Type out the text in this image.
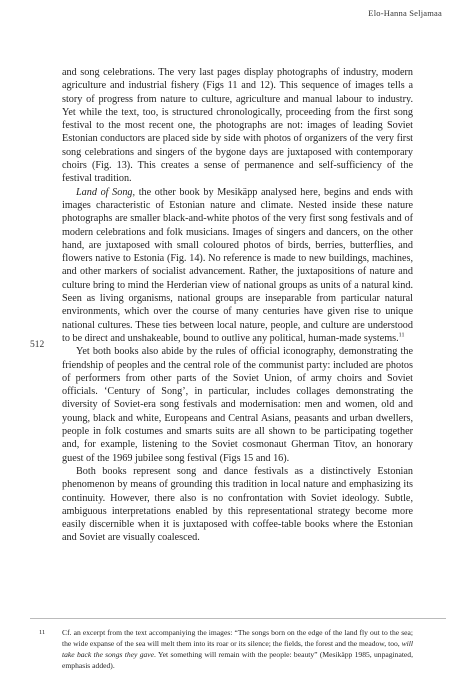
Elo-Hanna Seljamaa
512

and song celebrations. The very last pages display photographs of industry, modern agriculture and industrial fishery (Figs 11 and 12). This sequence of images tells a story of progress from nature to culture, agriculture and manual labour to industry. Yet while the text, too, is structured chronologically, proceeding from the first song festival to the most recent one, the photographs are not: images of leading Soviet Estonian conductors are placed side by side with photos of organizers of the very first song celebrations and singers of the bygone days are juxtaposed with contemporary choirs (Fig. 13). This creates a sense of permanence and self-sufficiency of the festival tradition.

Land of Song, the other book by Mesikäpp analysed here, begins and ends with images characteristic of Estonian nature and climate. Nested inside these nature photographs are smaller black-and-white photos of the very first song festivals and of modern celebrations and folk musicians. Images of singers and dancers, on the other hand, are juxtaposed with small coloured photos of birds, berries, butterflies, and flowers native to Estonia (Fig. 14). No reference is made to new buildings, machines, and other markers of socialist advancement. Rather, the juxtapositions of nature and culture bring to mind the Herderian view of national groups as units of a natural kind. Seen as living organisms, national groups are inseparable from particular natural environments, which over the course of many centuries have given rise to unique national cultures. These ties between local nature, people, and culture are understood to be direct and unshakeable, bound to outlive any political, human-made systems.$^{11}$

Yet both books also abide by the rules of official iconography, demonstrating the friendship of peoples and the central role of the communist party: included are photos of performers from other parts of the Soviet Union, of army choirs and Soviet officials. ‘Century of Song’, in particular, includes collages demonstrating the diversity of Soviet-era song festivals and modernisation: men and women, old and young, black and white, Europeans and Central Asians, peasants and urban dwellers, people in folk costumes and smarts suits are all shown to be participating together and, for example, listening to the Soviet cosmonaut Gherman Titov, an honorary guest of the 1969 jubilee song festival (Figs 15 and 16).

Both books represent song and dance festivals as a distinctively Estonian phenomenon by means of grounding this tradition in local nature and emphasizing its continuity. However, there also is no confrontation with Soviet ideology. Subtle, ambiguous interpretations enabled by this representational strategy become more easily discernible when it is juxtaposed with coffee-table books where the Estonian and Soviet are visually coalesced.

11 Cf. an excerpt from the text accompaniying the images: “The songs born on the edge of the land fly out to the sea; the wide expanse of the sea will melt them into its roar or its silence; the fields, the forest and the meadow, too, will take back the songs they gave. Yet something will remain with the people: beauty” (Mesikäpp 1985, unpaginated, emphasis added).
